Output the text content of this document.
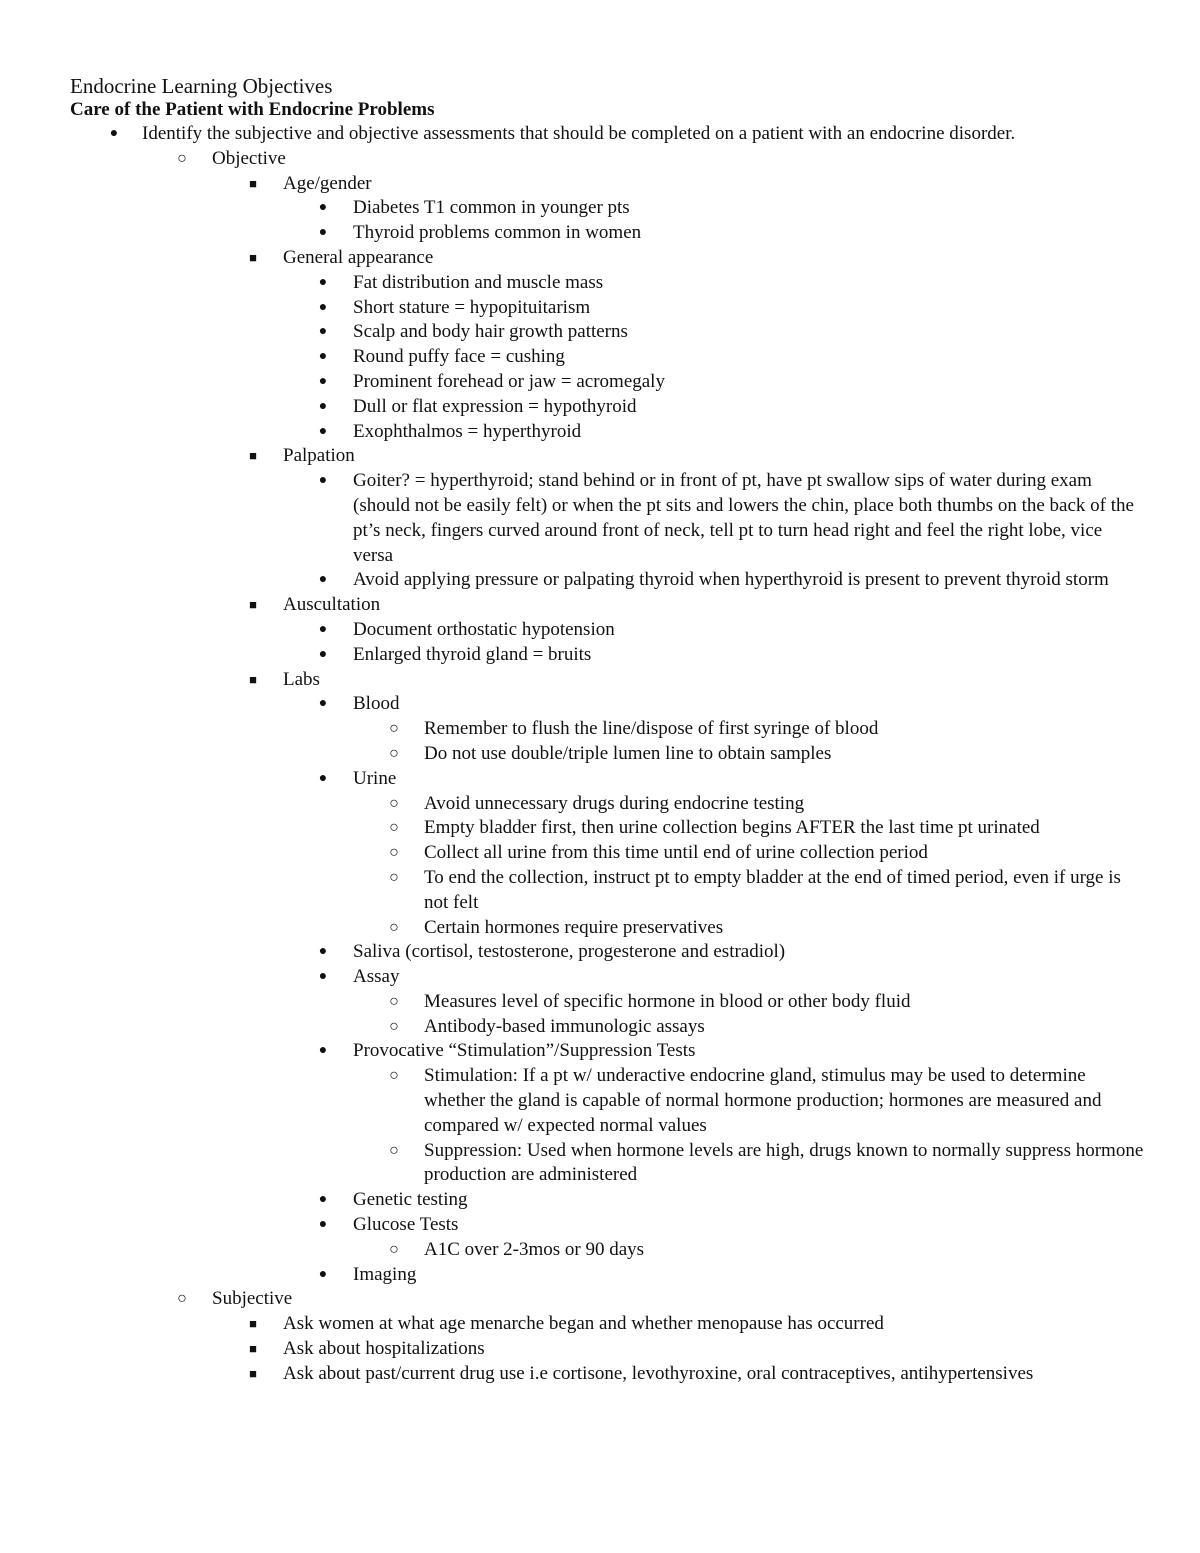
Endocrine Learning Objectives
Care of the Patient with Endocrine Problems
●	Identify the subjective and objective assessments that should be completed on a patient with an endocrine disorder.
○ Objective
■	Age/gender
●	Diabetes T1 common in younger pts
●	Thyroid problems common in women
■	General appearance
●	Fat distribution and muscle mass
●	Short stature = hypopituitarism
●	Scalp and body hair growth patterns
●	Round puffy face = cushing
●	Prominent forehead or jaw = acromegaly
●	Dull or flat expression = hypothyroid
●	Exophthalmos = hyperthyroid
■	Palpation
●	Goiter? = hyperthyroid; stand behind or in front of pt, have pt swallow sips of water during exam (should not be easily felt) or when the pt sits and lowers the chin, place both thumbs on the back of the pt’s neck, fingers curved around front of neck, tell pt to turn head right and feel the right lobe, vice versa
●	Avoid applying pressure or palpating thyroid when hyperthyroid is present to prevent thyroid storm
■	Auscultation
●	Document orthostatic hypotension
●	Enlarged thyroid gland = bruits
■	Labs
●	Blood
○ Remember to flush the line/dispose of first syringe of blood
○ Do not use double/triple lumen line to obtain samples
●	Urine
○ Avoid unnecessary drugs during endocrine testing
○ Empty bladder first, then urine collection begins AFTER the last time pt urinated
○ Collect all urine from this time until end of urine collection period
○ To end the collection, instruct pt to empty bladder at the end of timed period, even if urge is not felt
○ Certain hormones require preservatives
●	Saliva (cortisol, testosterone, progesterone and estradiol)
●	Assay
○ Measures level of specific hormone in blood or other body fluid
○ Antibody-based immunologic assays
●	Provocative “Stimulation”/Suppression Tests
○ Stimulation: If a pt w/ underactive endocrine gland, stimulus may be used to determine whether the gland is capable of normal hormone production; hormones are measured and compared w/ expected normal values
○ Suppression: Used when hormone levels are high, drugs known to normally suppress hormone production are administered
●	Genetic testing
●	Glucose Tests
○ A1C over 2-3mos or 90 days
●	Imaging
○ Subjective
■	Ask women at what age menarche began and whether menopause has occurred
■	Ask about hospitalizations
■	Ask about past/current drug use i.e cortisone, levothyroxine, oral contraceptives, antihypertensives
